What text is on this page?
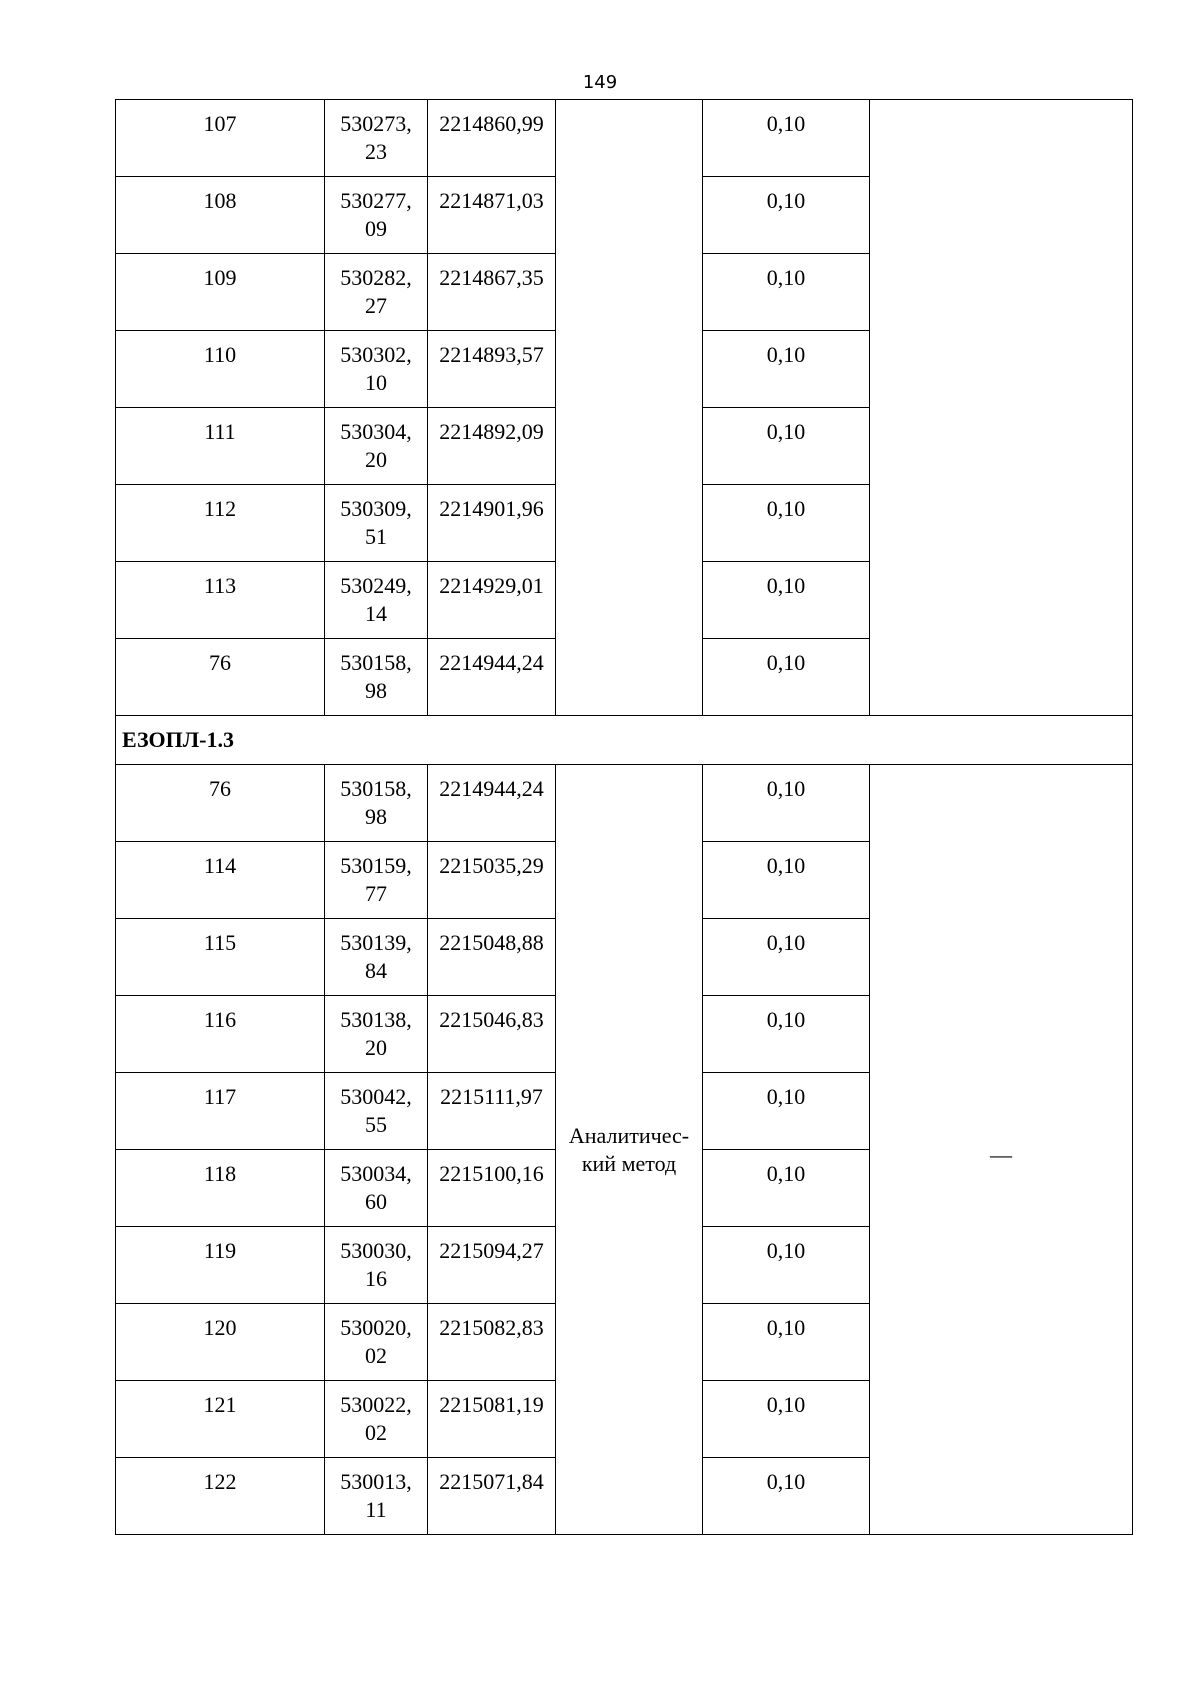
149
107	530273,23	2214860,99		0,10	
108	530277,09	2214871,03		0,10	
109	530282,27	2214867,35		0,10	
110	530302,10	2214893,57		0,10	
111	530304,20	2214892,09		0,10	
112	530309,51	2214901,96		0,10	
113	530249,14	2214929,01		0,10	
76	530158,98	2214944,24		0,10	
ЕЗОПЛ-1.3					
76	530158,98	2214944,24	Аналитичес-кий метод	0,10	—
114	530159,77	2215035,29		0,10	
115	530139,84	2215048,88		0,10	
116	530138,20	2215046,83		0,10	
117	530042,55	2215111,97		0,10	
118	530034,60	2215100,16		0,10	
119	530030,16	2215094,27		0,10	
120	530020,02	2215082,83		0,10	
121	530022,02	2215081,19		0,10	
122	530013,11	2215071,84		0,10	
